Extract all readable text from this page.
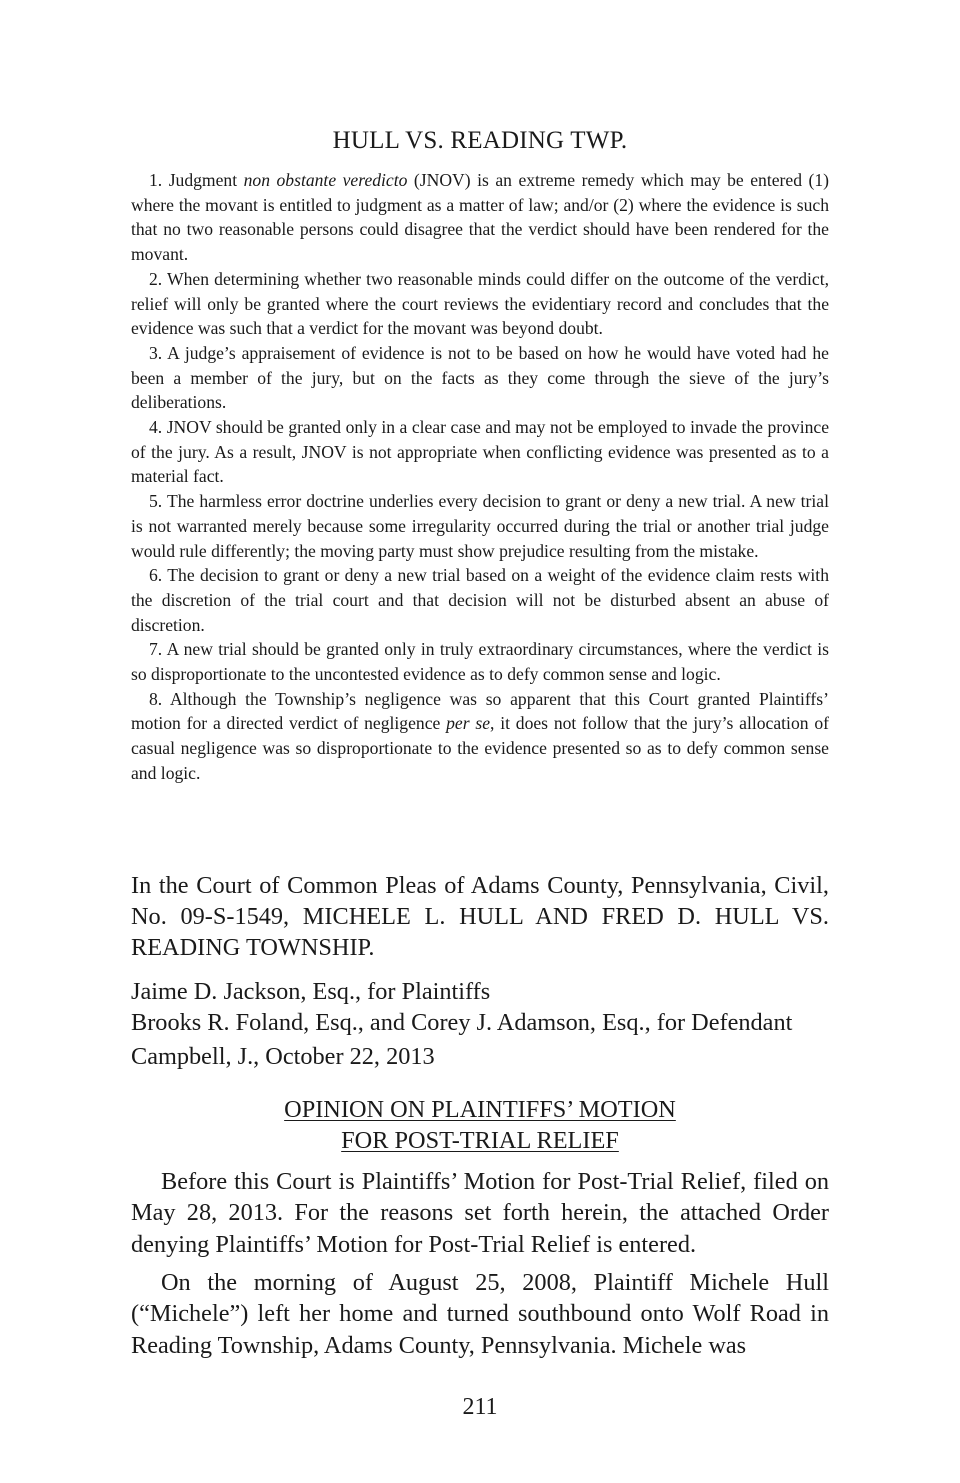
HULL VS. READING TWP.

1. Judgment non obstante veredicto (JNOV) is an extreme remedy which may be entered (1) where the movant is entitled to judgment as a matter of law; and/or (2) where the evidence is such that no two reasonable persons could disagree that the verdict should have been rendered for the movant.

2. When determining whether two reasonable minds could differ on the outcome of the verdict, relief will only be granted where the court reviews the evidentiary record and concludes that the evidence was such that a verdict for the movant was beyond doubt.

3. A judge’s appraisement of evidence is not to be based on how he would have voted had he been a member of the jury, but on the facts as they come through the sieve of the jury’s deliberations.

4. JNOV should be granted only in a clear case and may not be employed to invade the province of the jury. As a result, JNOV is not appropriate when conflicting evidence was presented as to a material fact.

5. The harmless error doctrine underlies every decision to grant or deny a new trial. A new trial is not warranted merely because some irregularity occurred during the trial or another trial judge would rule differently; the moving party must show prejudice resulting from the mistake.

6. The decision to grant or deny a new trial based on a weight of the evidence claim rests with the discretion of the trial court and that decision will not be disturbed absent an abuse of discretion.

7. A new trial should be granted only in truly extraordinary circumstances, where the verdict is so disproportionate to the uncontested evidence as to defy common sense and logic.

8. Although the Township’s negligence was so apparent that this Court granted Plaintiffs’ motion for a directed verdict of negligence per se, it does not follow that the jury’s allocation of casual negligence was so disproportionate to the evidence presented so as to defy common sense and logic.

In the Court of Common Pleas of Adams County, Pennsylvania, Civil, No. 09-S-1549, MICHELE L. HULL AND FRED D. HULL VS. READING TOWNSHIP.

Jaime D. Jackson, Esq., for Plaintiffs
Brooks R. Foland, Esq., and Corey J. Adamson, Esq., for Defendant
Campbell, J., October 22, 2013
OPINION ON PLAINTIFFS’ MOTION
FOR POST-TRIAL RELIEF

Before this Court is Plaintiffs’ Motion for Post-Trial Relief, filed on May 28, 2013. For the reasons set forth herein, the attached Order denying Plaintiffs’ Motion for Post-Trial Relief is entered.

On the morning of August 25, 2008, Plaintiff Michele Hull (“Michele”) left her home and turned southbound onto Wolf Road in Reading Township, Adams County, Pennsylvania. Michele was

211
